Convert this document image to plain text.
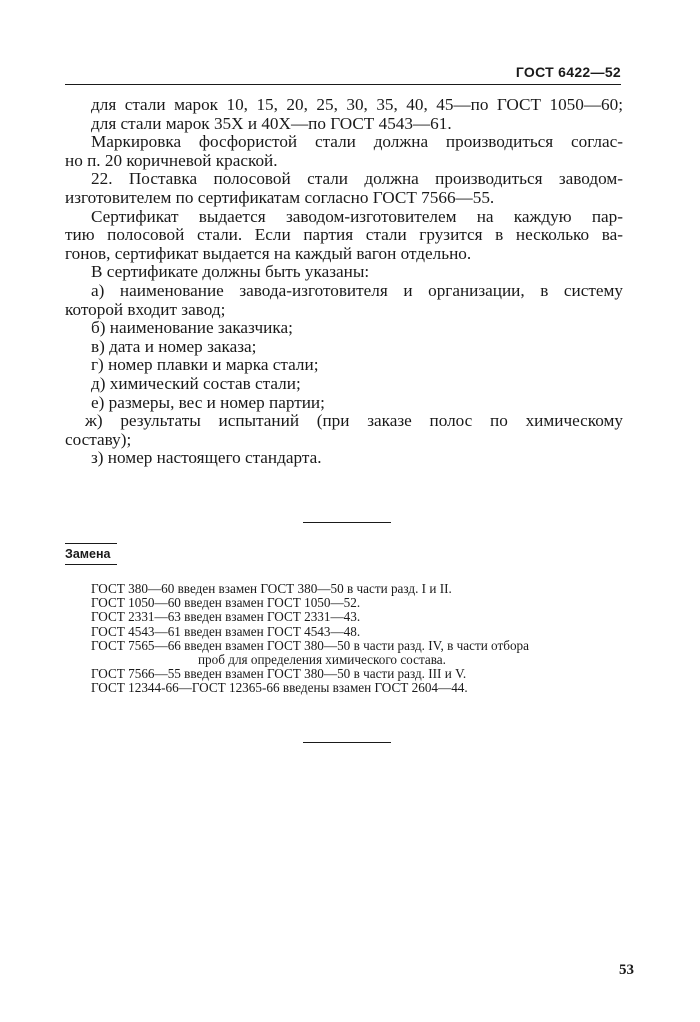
ГОСТ 6422—52
для стали марок 10, 15, 20, 25, 30, 35, 40, 45—по ГОСТ 1050—60;
для стали марок 35Х и 40Х—по ГОСТ 4543—61.
Маркировка фосфористой стали должна производиться соглас-
но п. 20 коричневой краской.
22. Поставка полосовой стали должна производиться заводом-
изготовителем по сертификатам согласно ГОСТ 7566—55.
Сертификат выдается заводом-изготовителем на каждую пар-
тию полосовой стали. Если партия стали грузится в несколько ва-
гонов, сертификат выдается на каждый вагон отдельно.
В сертификате должны быть указаны:
а) наименование завода-изготовителя и организации, в систему
которой входит завод;
б) наименование заказчика;
в) дата и номер заказа;
г) номер плавки и марка стали;
д) химический состав стали;
е) размеры, вес и номер партии;
ж) результаты испытаний (при заказе полос по химическому
составу);
з) номер настоящего стандарта.
Замена
ГОСТ 380—60 введен взамен ГОСТ 380—50 в части разд. I и II.
ГОСТ 1050—60 введен взамен ГОСТ 1050—52.
ГОСТ 2331—63 введен взамен ГОСТ 2331—43.
ГОСТ 4543—61 введен взамен ГОСТ 4543—48.
ГОСТ 7565—66 введен взамен ГОСТ 380—50 в части разд. IV, в части отбора
проб для определения химического состава.
ГОСТ 7566—55 введен взамен ГОСТ 380—50 в части разд. III и V.
ГОСТ 12344-66—ГОСТ 12365-66 введены взамен ГОСТ 2604—44.
53
